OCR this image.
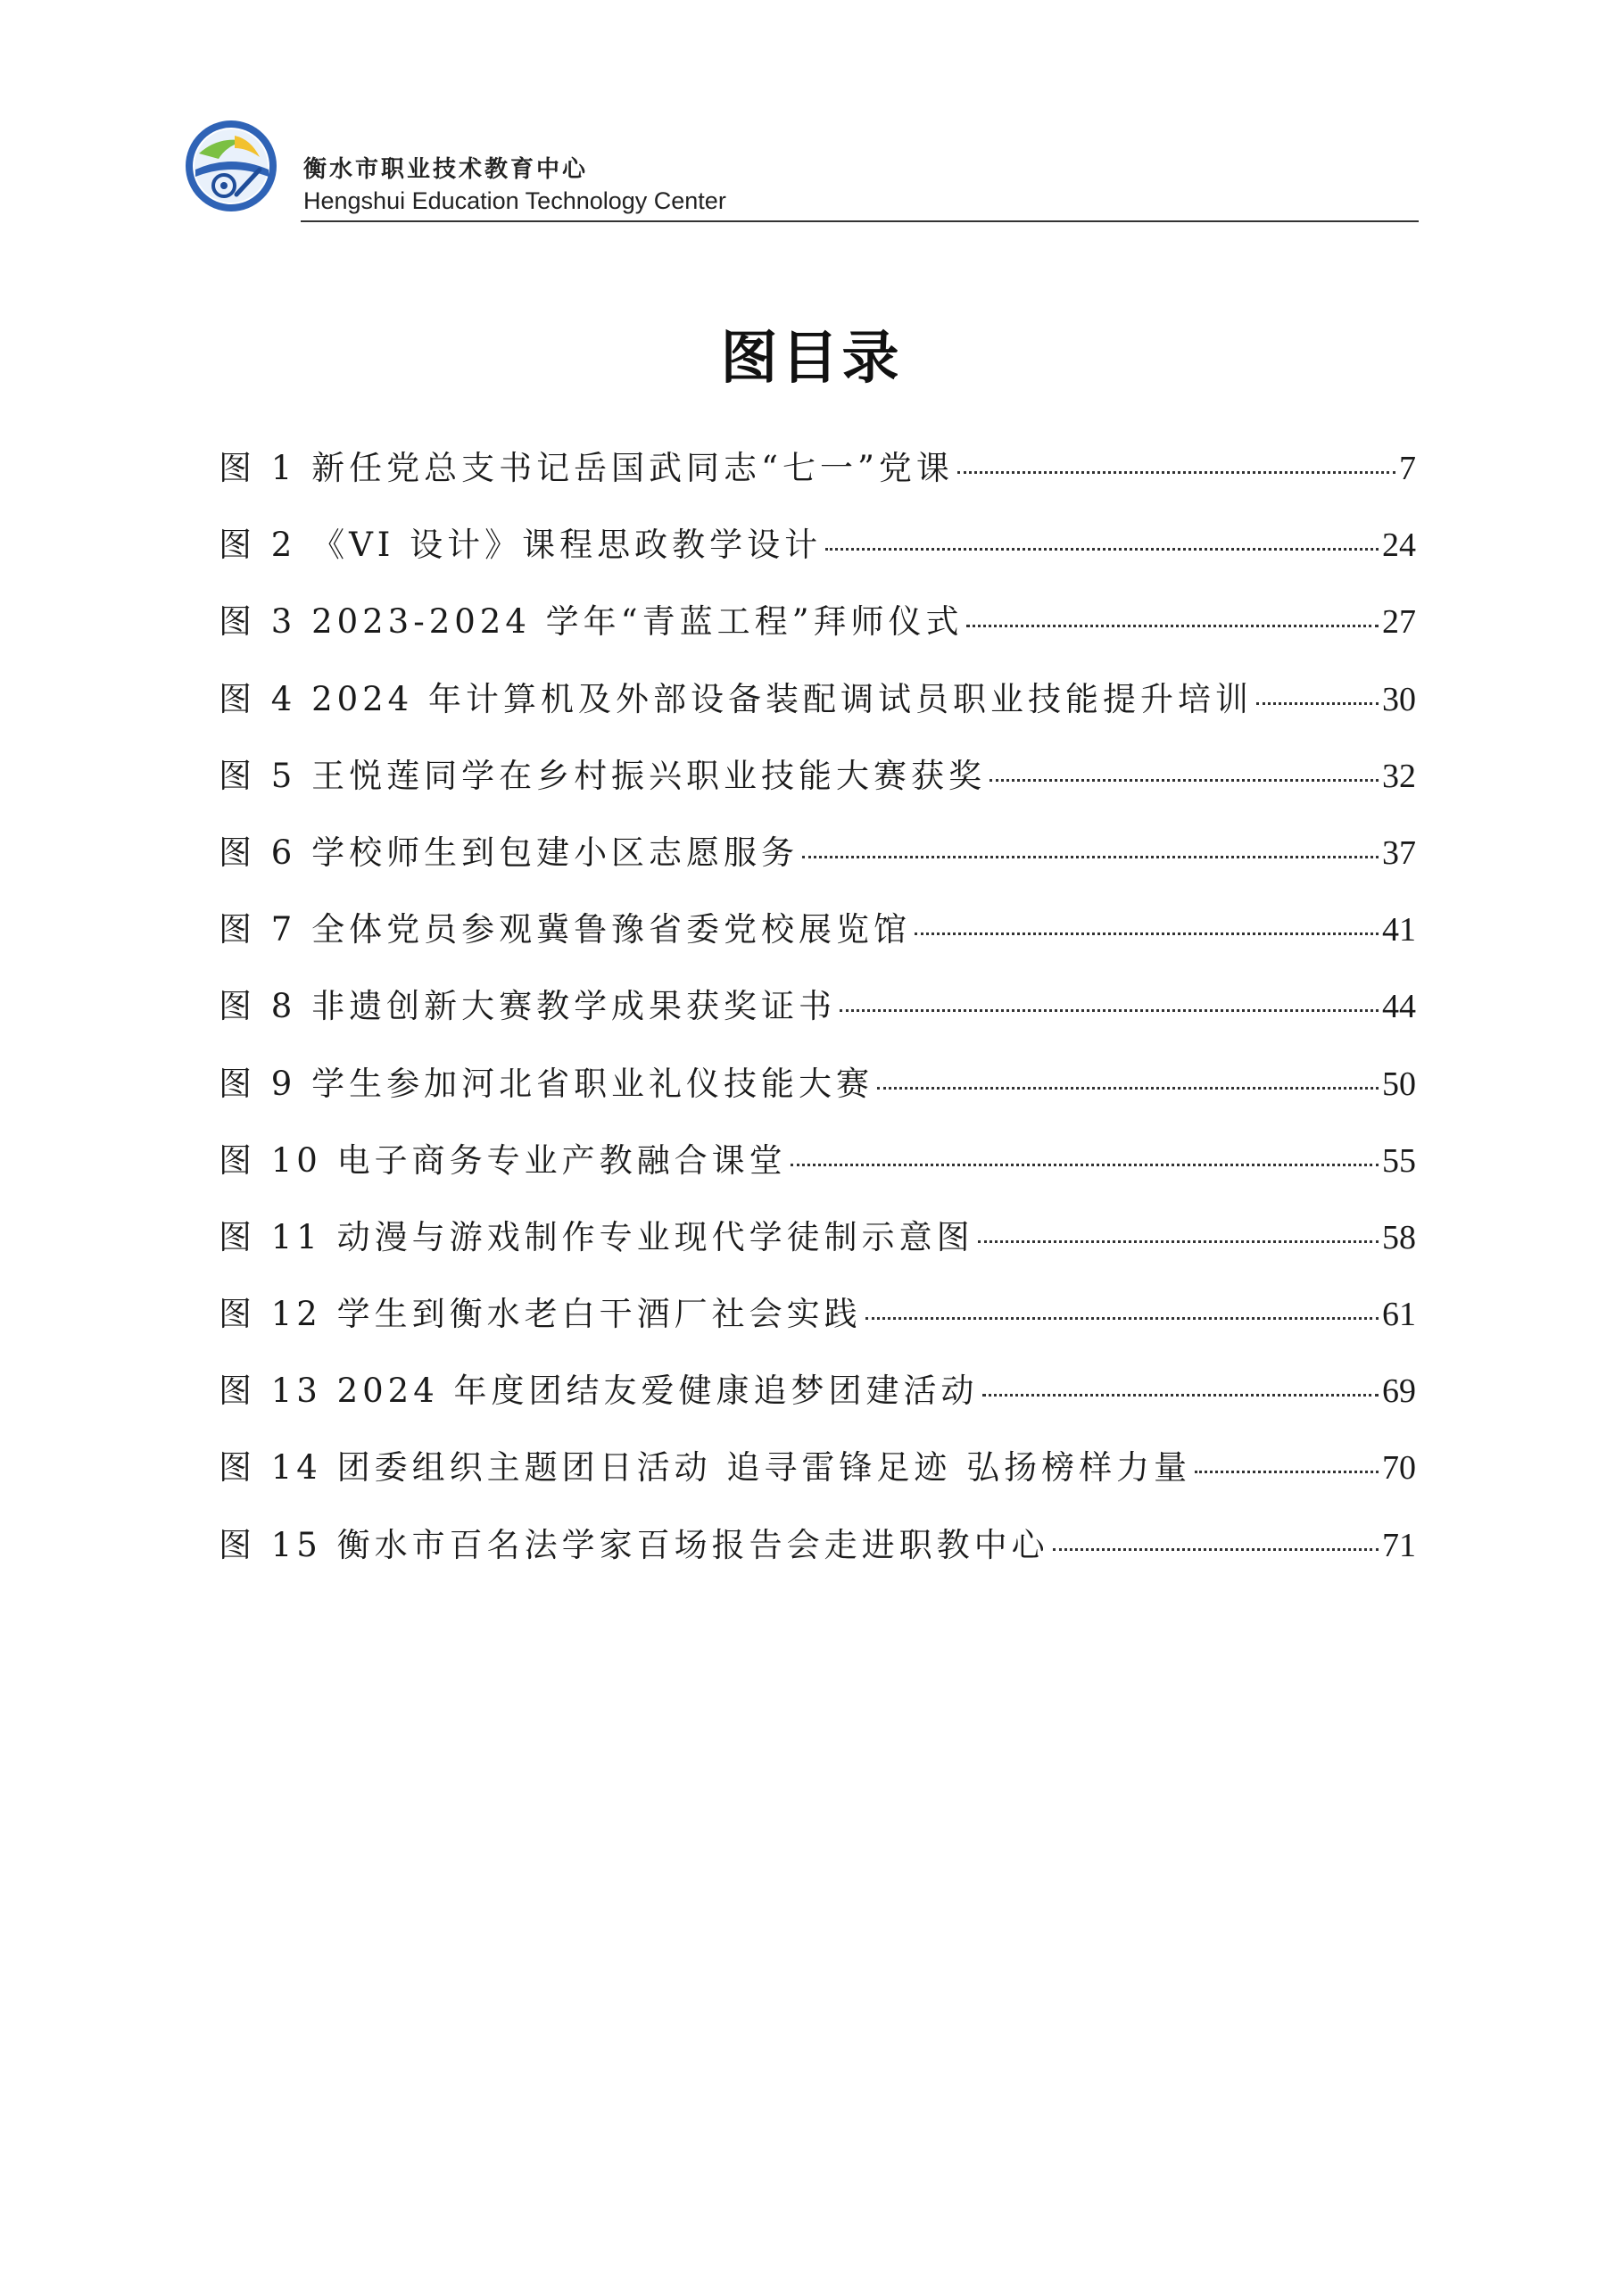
衡水市职业技术教育中心
Hengshui Education Technology Center
图目录
图 1 新任党总支书记岳国武同志“七一”党课	7
图 2 《VI 设计》课程思政教学设计	24
图 3 2023-2024 学年“青蓝工程”拜师仪式	27
图 4 2024 年计算机及外部设备装配调试员职业技能提升培训	30
图 5 王悦莲同学在乡村振兴职业技能大赛获奖	32
图 6 学校师生到包建小区志愿服务	37
图 7 全体党员参观冀鲁豫省委党校展览馆	41
图 8 非遗创新大赛教学成果获奖证书	44
图 9 学生参加河北省职业礼仪技能大赛	50
图 10 电子商务专业产教融合课堂	55
图 11 动漫与游戏制作专业现代学徒制示意图	58
图 12 学生到衡水老白干酒厂社会实践	61
图 13 2024 年度团结友爱健康追梦团建活动	69
图 14 团委组织主题团日活动 追寻雷锋足迹 弘扬榜样力量	70
图 15 衡水市百名法学家百场报告会走进职教中心	71
